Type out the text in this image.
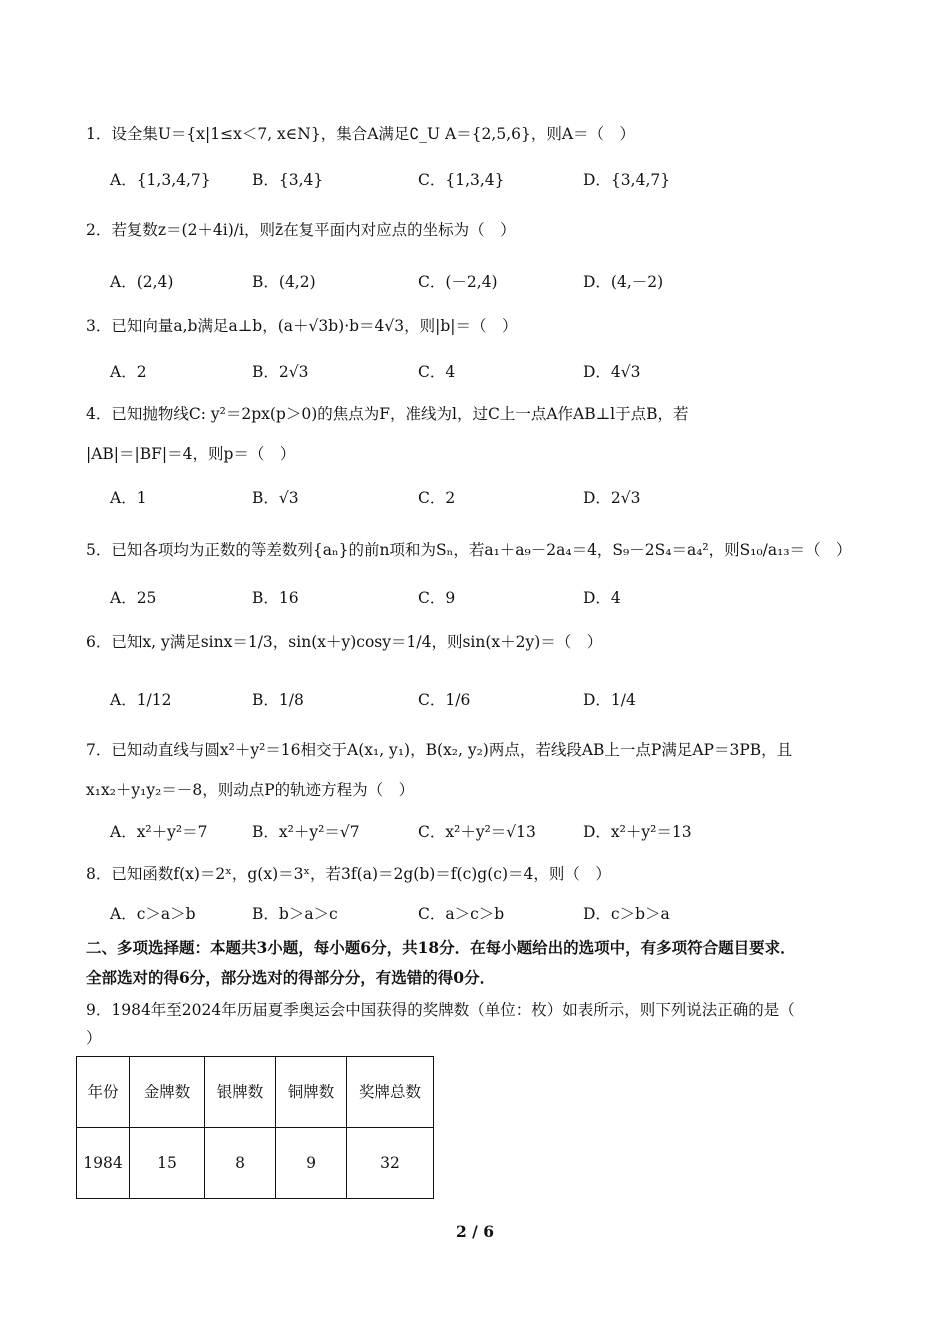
1．设全集U＝{x|1≤x＜7, x∈N}，集合A满足∁_U A＝{2,5,6}，则A＝（　）
A．{1,3,4,7}	B．{3,4}	C．{1,3,4}	D．{3,4,7}
2．若复数z＝(2＋4i)/i，则z̄在复平面内对应点的坐标为（　）
A．(2,4)	B．(4,2)	C．(－2,4)	D．(4,－2)
3．已知向量a,b满足a⊥b，(a＋√3b)·b＝4√3，则|b|＝（　）
A．2	B．2√3	C．4	D．4√3
4．已知抛物线C: y²＝2px(p＞0)的焦点为F，准线为l，过C上一点A作AB⊥l于点B，若
|AB|＝|BF|＝4，则p＝（　）
A．1	B．√3	C．2	D．2√3
5．已知各项均为正数的等差数列{aₙ}的前n项和为Sₙ，若a₁＋a₉－2a₄＝4，S₉－2S₄＝a₄²，则S₁₀/a₁₃＝（　）
A．25	B．16	C．9	D．4
6．已知x, y满足sinx＝1/3，sin(x＋y)cosy＝1/4，则sin(x＋2y)＝（　）
A．1/12	B．1/8	C．1/6	D．1/4
7．已知动直线与圆x²＋y²＝16相交于A(x₁, y₁)，B(x₂, y₂)两点，若线段AB上一点P满足AP＝3PB，且
x₁x₂＋y₁y₂＝－8，则动点P的轨迹方程为（　）
A．x²＋y²＝7	B．x²＋y²＝√7	C．x²＋y²＝√13	D．x²＋y²＝13
8．已知函数f(x)＝2ˣ，g(x)＝3ˣ，若3f(a)＝2g(b)＝f(c)g(c)＝4，则（　）
A．c＞a＞b	B．b＞a＞c	C．a＞c＞b	D．c＞b＞a
二、多项选择题：本题共3小题，每小题6分，共18分．在每小题给出的选项中，有多项符合题目要求．
全部选对的得6分，部分选对的得部分分，有选错的得0分．
9．1984年至2024年历届夏季奥运会中国获得的奖牌数（单位：枚）如表所示，则下列说法正确的是（
）
年份	金牌数	银牌数	铜牌数	奖牌总数
1984	15	8	9	32
2 / 6
